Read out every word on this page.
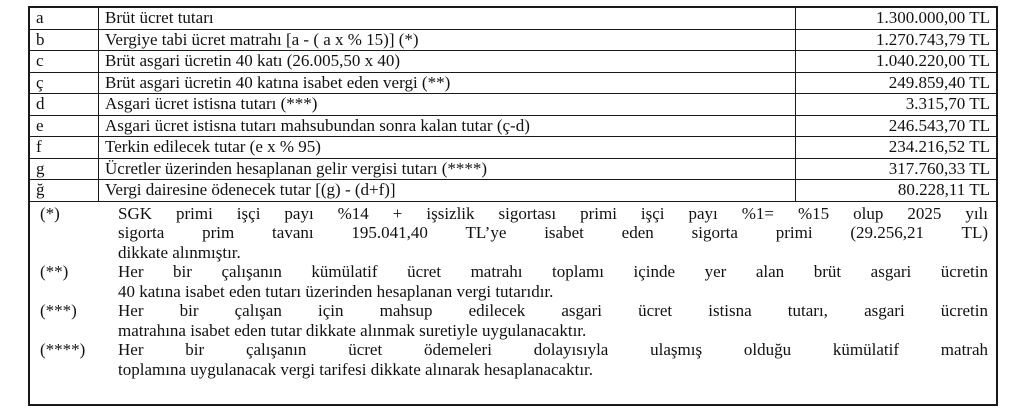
a	Brüt ücret tutarı	1.300.000,00 TL
b	Vergiye tabi ücret matrahı [a - ( a x % 15)] (*)	1.270.743,79 TL
c	Brüt asgari ücretin 40 katı (26.005,50 x 40)	1.040.220,00 TL
ç	Brüt asgari ücretin 40 katına isabet eden vergi (**)	249.859,40 TL
d	Asgari ücret istisna tutarı (***)	3.315,70 TL
e	Asgari ücret istisna tutarı mahsubundan sonra kalan tutar (ç-d)	246.543,70 TL
f	Terkin edilecek tutar (e x % 95)	234.216,52 TL
g	Ücretler üzerinden hesaplanan gelir vergisi tutarı (****)	317.760,33 TL
ğ	Vergi dairesine ödenecek tutar [(g) - (d+f)]	80.228,11 TL
(*)	SGK primi işçi payı %14 + işsizlik sigortası primi işçi payı %1= %15 olup 2025 yılı
sigorta prim tavanı 195.041,40 TL’ye isabet eden sigorta primi (29.256,21 TL)
dikkate alınmıştır.
(**)	Her bir çalışanın kümülatif ücret matrahı toplamı içinde yer alan brüt asgari ücretin
40 katına isabet eden tutarı üzerinden hesaplanan vergi tutarıdır.
(***)	Her bir çalışan için mahsup edilecek asgari ücret istisna tutarı, asgari ücretin
matrahına isabet eden tutar dikkate alınmak suretiyle uygulanacaktır.
(****)	Her bir çalışanın ücret ödemeleri dolayısıyla ulaşmış olduğu kümülatif matrah
toplamına uygulanacak vergi tarifesi dikkate alınarak hesaplanacaktır.
